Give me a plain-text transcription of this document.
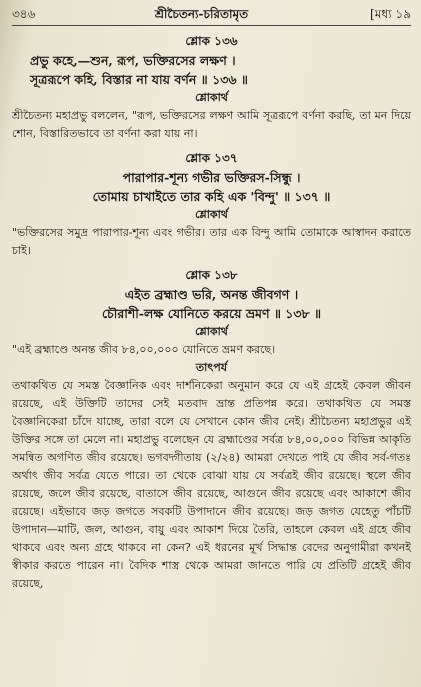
৩৪৬	শ্রীচৈতন্য-চরিতামৃত	[মধ্য ১৯
শ্লোক ১৩৬
প্রভু কহে,—শুন, রূপ, ভক্তিরসের লক্ষণ ।
সূত্ররূপে কহি, বিস্তার না যায় বর্ণন ॥ ১৩৬ ॥
শ্লোকার্থ
শ্রীচৈতন্য মহাপ্রভু বললেন, "রূপ, ভক্তিরসের লক্ষণ আমি সূত্ররূপে বর্ণনা করছি, তা মন দিয়ে শোন, বিস্তারিতভাবে তা বর্ণনা করা যায় না।
শ্লোক ১৩৭
পারাপার-শূন্য গভীর ভক্তিরস-সিন্ধু ।
তোমায় চাখাইতে তার কহি এক 'বিন্দু' ॥ ১৩৭ ॥
শ্লোকার্থ
"ভক্তিরসের সমুদ্র পারাপার-শূন্য এবং গভীর। তার এক বিন্দু আমি তোমাকে আস্বাদন করাতে চাই।
শ্লোক ১৩৮
এইত ব্রহ্মাণ্ড ভরি, অনন্ত জীবগণ ।
চৌরাশী-লক্ষ যোনিতে করয়ে ভ্রমণ ॥ ১৩৮ ॥
শ্লোকার্থ
"এই ব্রহ্মাণ্ডে অনন্ত জীব ৮৪,০০,০০০ যোনিতে ভ্রমণ করছে।
তাৎপর্য
তথাকথিত যে সমস্ত বৈজ্ঞানিক এবং দার্শনিকেরা অনুমান করে যে এই গ্রহেই কেবল জীবন রয়েছে, এই উক্তিটি তাদের সেই মতবাদ ভ্রান্ত প্রতিপন্ন করে। তথাকথিত যে সমস্ত বৈজ্ঞানিকেরা চাঁদে যাচ্ছে, তারা বলে যে সেখানে কোন জীব নেই। শ্রীচৈতন্য মহাপ্রভুর এই উক্তির সঙ্গে তা মেলে না। মহাপ্রভু বলেছেন যে ব্রহ্মাণ্ডের সর্বত্র ৮৪,০০,০০০ বিভিন্ন আকৃতি সমন্বিত অগণিত জীব রয়েছে। ভগবদ্গীতায় (২/২৪) আমরা দেখতে পাই যে জীব সর্ব-গতঃ অর্থাৎ জীব সর্বত্র যেতে পারে। তা থেকে বোঝা যায় যে সর্বত্রই জীব রয়েছে। স্থলে জীব রয়েছে, জলে জীব রয়েছে, বাতাসে জীব রয়েছে, আগুনে জীব রয়েছে এবং আকাশে জীব রয়েছে। এইভাবে জড় জগতে সবকটি উপাদানে জীব রয়েছে। জড় জগত যেহেতু পাঁচটি উপাদান—মাটি, জল, আগুন, বায়ু এবং আকাশ দিয়ে তৈরি, তাহলে কেবল এই গ্রহে জীব থাকবে এবং অন্য গ্রহে থাকবে না কেন? এই ধরনের মূর্খ সিদ্ধান্ত বেদের অনুগামীরা কখনই স্বীকার করতে পারেন না। বৈদিক শাস্ত্র থেকে আমরা জানতে পারি যে প্রতিটি গ্রহেই জীব রয়েছে,
